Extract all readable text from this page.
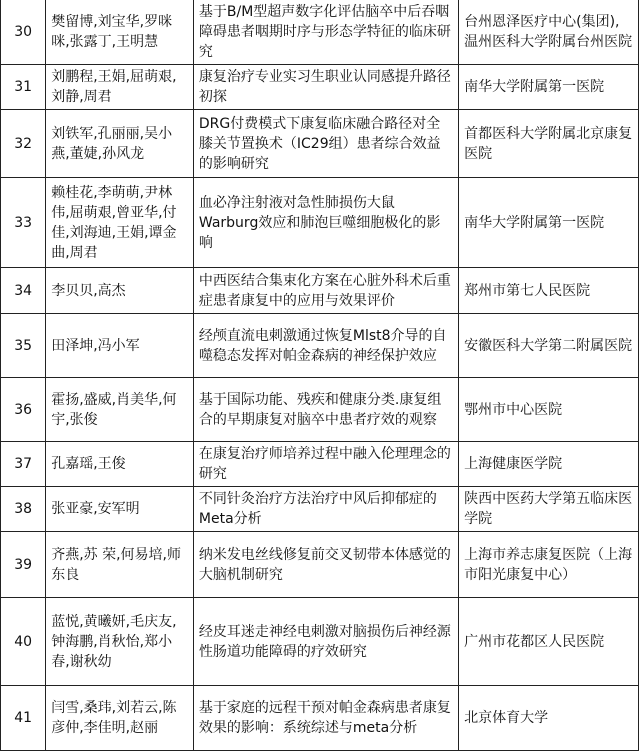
30	樊留博,刘宝华,罗咪咪,张露丁,王明慧	基于B/M型超声数字化评估脑卒中后吞咽障碍患者咽期时序与形态学特征的临床研究	台州恩泽医疗中心(集团),温州医科大学附属台州医院
31	刘鹏程,王娟,屈萌艰,刘静,周君	康复治疗专业实习生职业认同感提升路径初探	南华大学附属第一医院
32	刘铁军,孔丽丽,吴小燕,董婕,孙风龙	DRG付费模式下康复临床融合路径对全膝关节置换术（IC29组）患者综合效益的影响研究	首都医科大学附属北京康复医院
33	赖桂花,李萌萌,尹林伟,屈萌艰,曾亚华,付佳,刘海迪,王娟,谭金曲,周君	血必净注射液对急性肺损伤大鼠Warburg效应和肺泡巨噬细胞极化的影响	南华大学附属第一医院
34	李贝贝,高杰	中西医结合集束化方案在心脏外科术后重症患者康复中的应用与效果评价	郑州市第七人民医院
35	田泽坤,冯小军	经颅直流电刺激通过恢复Mlst8介导的自噬稳态发挥对帕金森病的神经保护效应	安徽医科大学第二附属医院
36	霍扬,盛威,肖美华,何宇,张俊	基于国际功能、残疾和健康分类.康复组合的早期康复对脑卒中患者疗效的观察	鄂州市中心医院
37	孔嘉瑶,王俊	在康复治疗师培养过程中融入伦理理念的研究	上海健康医学院
38	张亚豪,安军明	不同针灸治疗方法治疗中风后抑郁症的Meta分析	陕西中医药大学第五临床医学院
39	齐燕,苏 荣,何易培,师东良	纳米发电丝线修复前交叉韧带本体感觉的大脑机制研究	上海市养志康复医院（上海市阳光康复中心）
40	蓝悦,黄曦妍,毛庆友,钟海鹏,肖秋怡,郑小春,谢秋幼	经皮耳迷走神经电刺激对脑损伤后神经源性肠道功能障碍的疗效研究	广州市花都区人民医院
41	闫雪,桑玮,刘若云,陈彦仲,李佳明,赵丽	基于家庭的远程干预对帕金森病患者康复效果的影响：系统综述与meta分析	北京体育大学
